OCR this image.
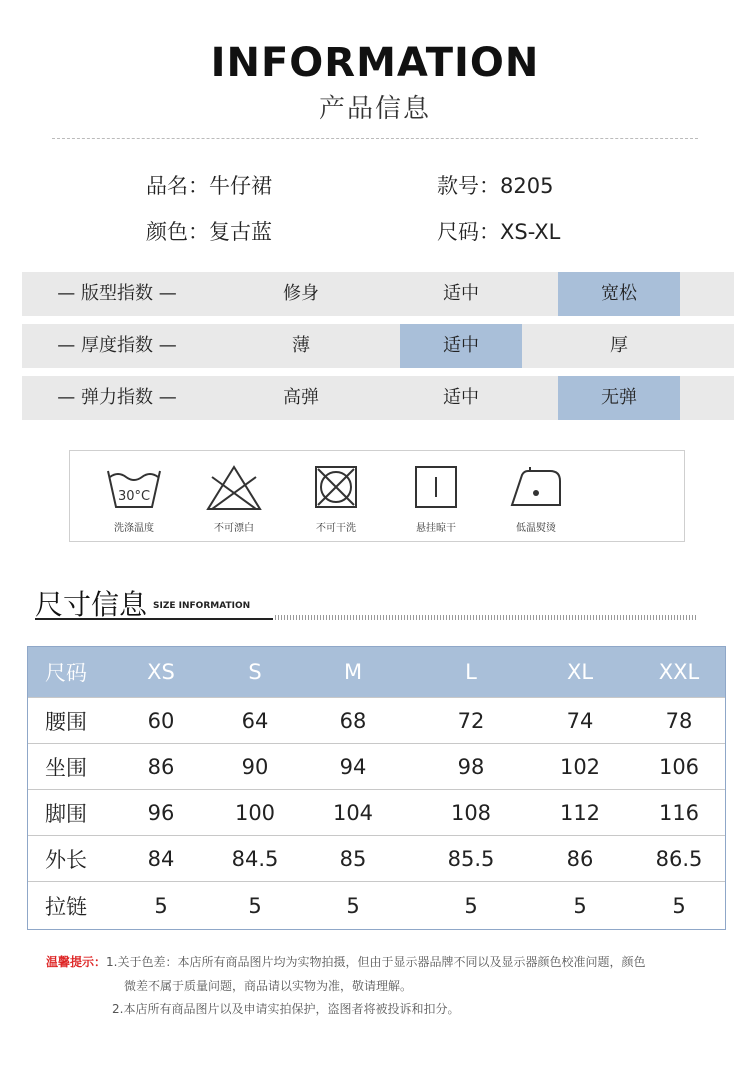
INFORMATION
产品信息
品名：牛仔裙	款号：8205
颜色：复古蓝	尺码：XS-XL
— 版型指数 —	修身	适中	宽松
— 厚度指数 —	薄	适中	厚
— 弹力指数 —	高弹	适中	无弹
30°C
洗涤温度	不可漂白	不可干洗	悬挂晾干	低温熨烫
尺寸信息 SIZE INFORMATION
尺码	XS	S	M	L	XL	XXL
腰围	60	64	68	72	74	78
坐围	86	90	94	98	102	106
脚围	96	100	104	108	112	116
外长	84	84.5	85	85.5	86	86.5
拉链	5	5	5	5	5	5
温馨提示：1.关于色差：本店所有商品图片均为实物拍摄，但由于显示器品牌不同以及显示器颜色校准问题，颜色
微差不属于质量问题，商品请以实物为准，敬请理解。
2.本店所有商品图片以及申请实拍保护，盗图者将被投诉和扣分。
